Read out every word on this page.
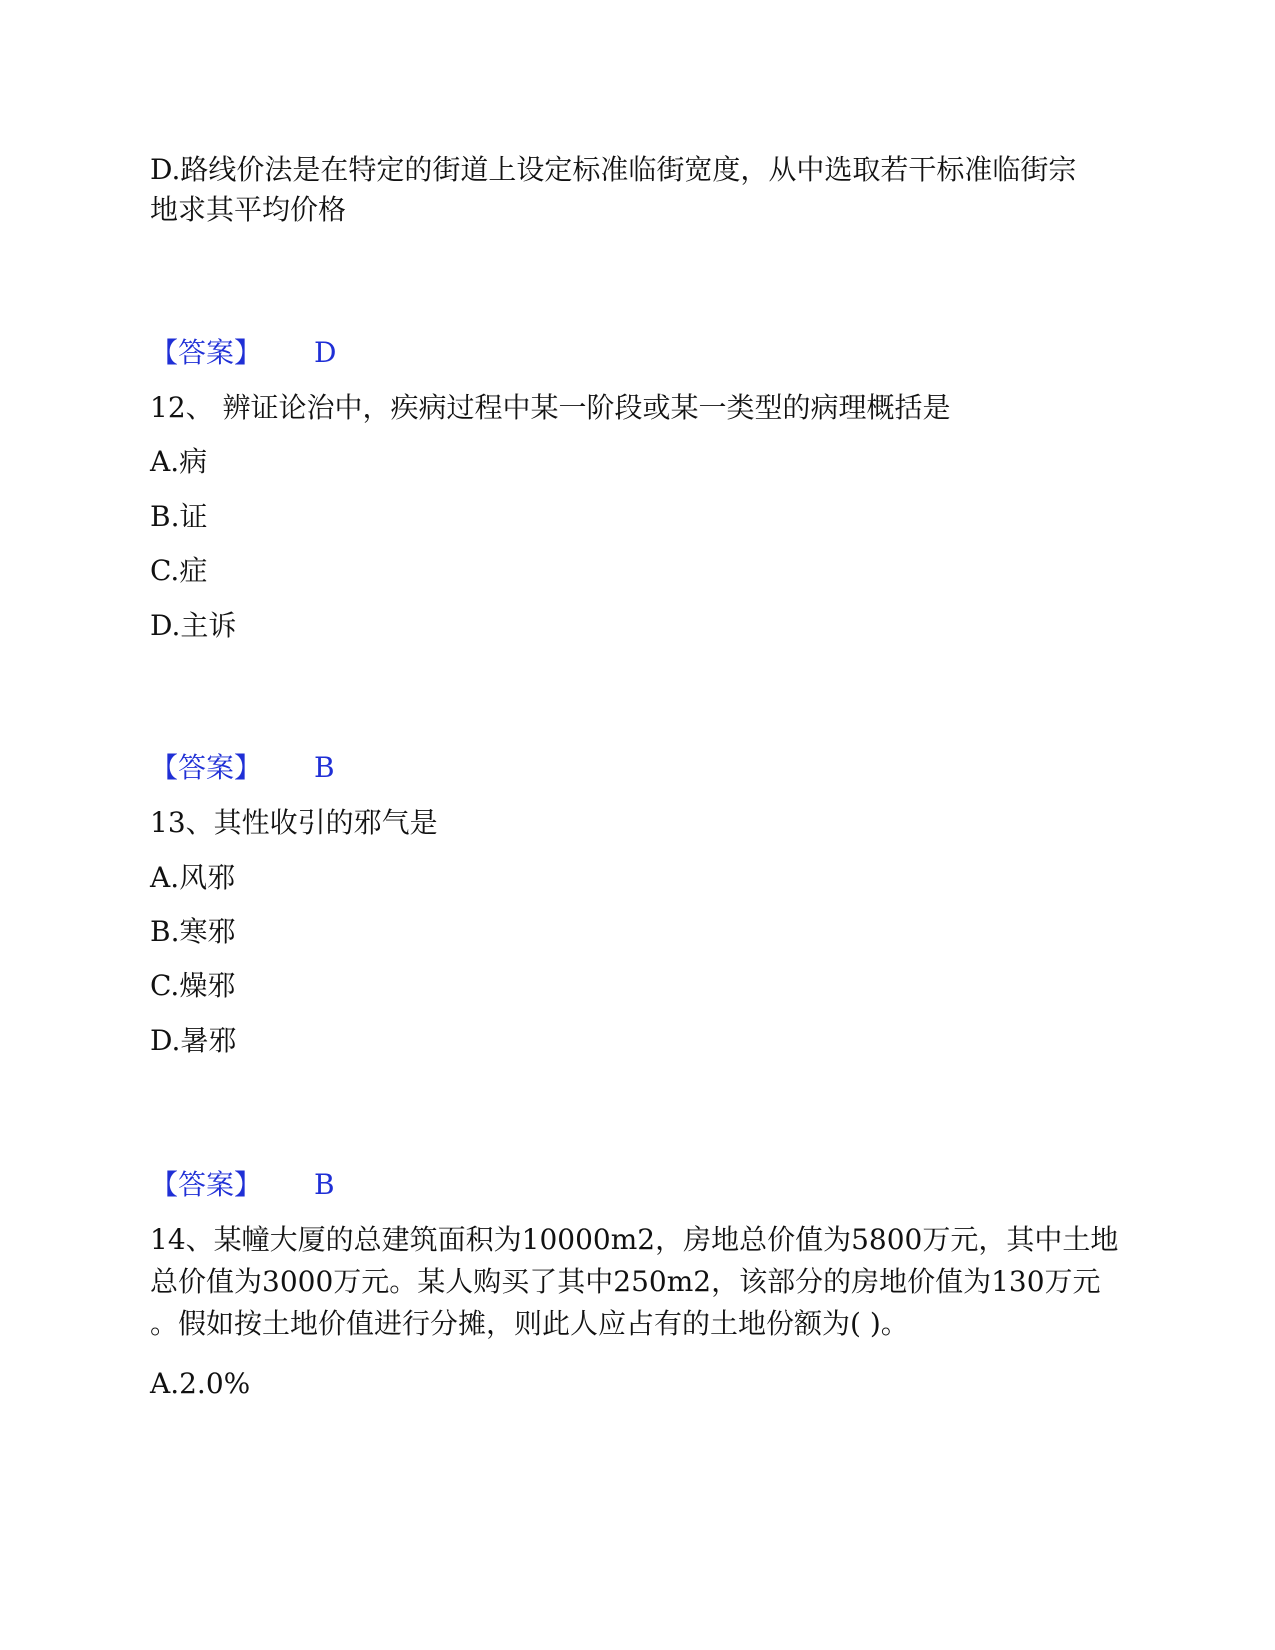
D.路线价法是在特定的街道上设定标准临街宽度，从中选取若干标准临街宗
地求其平均价格
【答案】 D
12、 辨证论治中，疾病过程中某一阶段或某一类型的病理概括是
A.病
B.证
C.症
D.主诉
【答案】 B
13、其性收引的邪气是
A.风邪
B.寒邪
C.燥邪
D.暑邪
【答案】 B
14、某幢大厦的总建筑面积为10000m2，房地总价值为5800万元，其中土地
总价值为3000万元。某人购买了其中250m2，该部分的房地价值为130万元
。假如按土地价值进行分摊，则此人应占有的土地份额为( )。
A.2.0%
